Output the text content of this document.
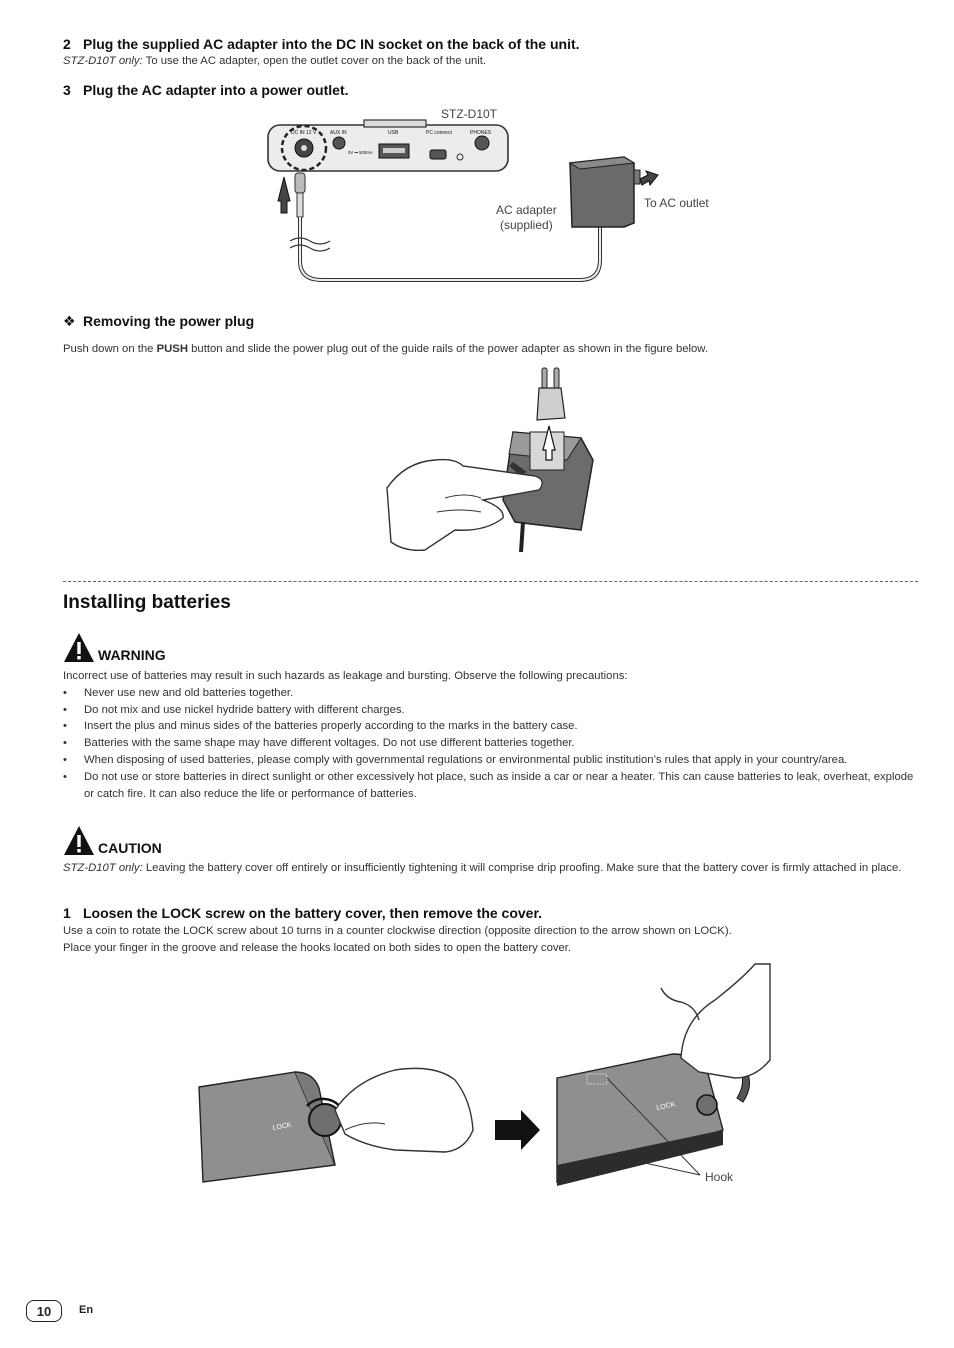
2 Plug the supplied AC adapter into the DC IN socket on the back of the unit.
STZ-D10T only: To use the AC adapter, open the outlet cover on the back of the unit.
3 Plug the AC adapter into a power outlet.
STZ-D10T
DC IN 12 V	AUX IN	USB
5V ⎓ 500mA
PC connect	PHONES
AC adapter
(supplied)
To AC outlet
❖ Removing the power plug
Push down on the PUSH button and slide the power plug out of the guide rails of the power adapter as shown in the figure below.
Installing batteries
WARNING
Incorrect use of batteries may result in such hazards as leakage and bursting. Observe the following precautions:
• Never use new and old batteries together.
• Do not mix and use nickel hydride battery with different charges.
• Insert the plus and minus sides of the batteries properly according to the marks in the battery case.
• Batteries with the same shape may have different voltages. Do not use different batteries together.
• When disposing of used batteries, please comply with governmental regulations or environmental public institution’s rules that apply in your country/area.
• Do not use or store batteries in direct sunlight or other excessively hot place, such as inside a car or near a heater. This can cause batteries to leak, overheat, explode or catch fire. It can also reduce the life or performance of batteries.
CAUTION
STZ-D10T only: Leaving the battery cover off entirely or insufficiently tightening it will comprise drip proofing. Make sure that the battery cover is firmly attached in place.
1 Loosen the LOCK screw on the battery cover, then remove the cover.
Use a coin to rotate the LOCK screw about 10 turns in a counter clockwise direction (opposite direction to the arrow shown on LOCK).
Place your finger in the groove and release the hooks located on both sides to open the battery cover.
LOCK
LOCK
Hook
10	En
